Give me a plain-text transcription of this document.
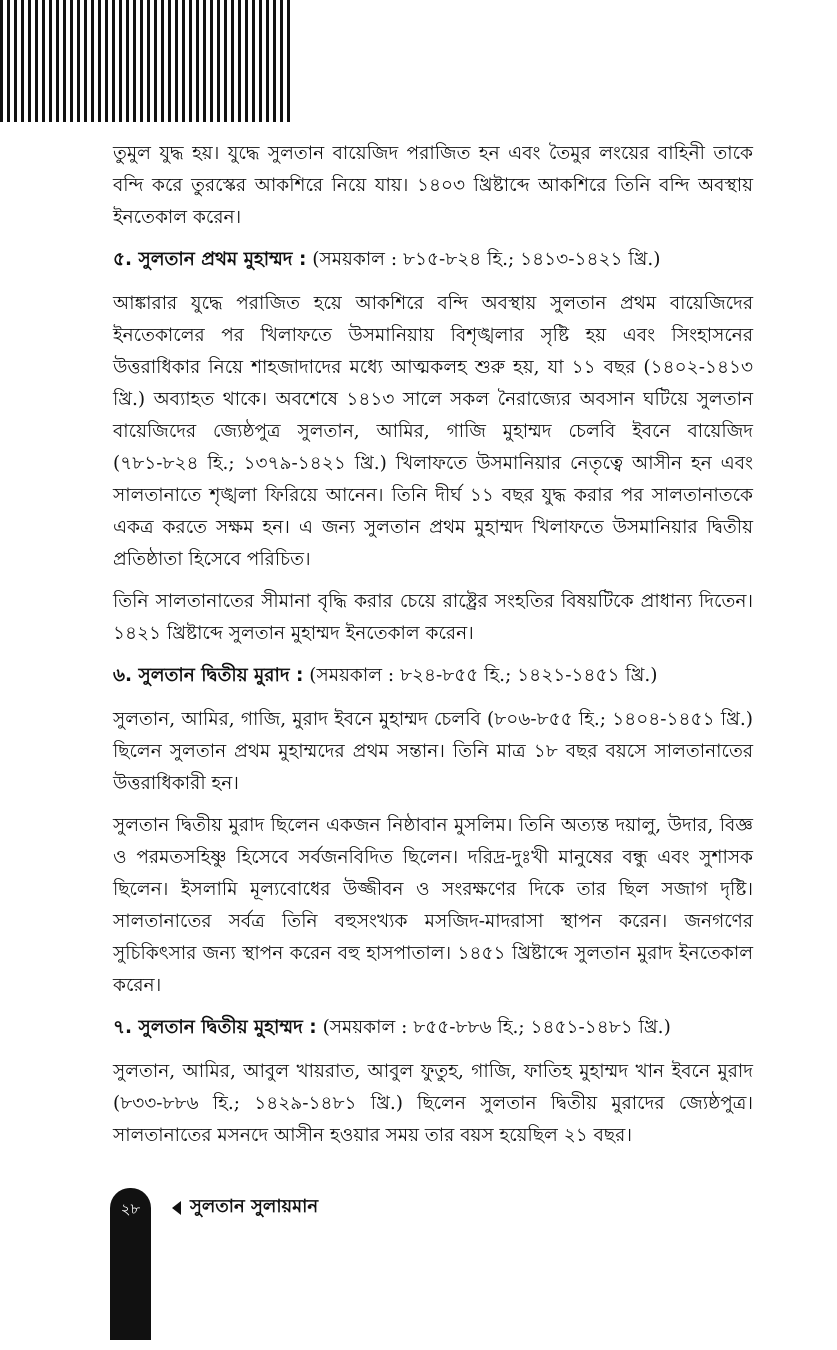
তুমুল যুদ্ধ হয়। যুদ্ধে সুলতান বায়েজিদ পরাজিত হন এবং তৈমুর লংয়ের বাহিনী তাকে বন্দি করে তুরস্কের আকশিরে নিয়ে যায়। ১৪০৩ খ্রিষ্টাব্দে আকশিরে তিনি বন্দি অবস্থায় ইনতেকাল করেন।

৫. সুলতান প্রথম মুহাম্মদ : (সময়কাল : ৮১৫-৮২৪ হি.; ১৪১৩-১৪২১ খ্রি.)

আঙ্কারার যুদ্ধে পরাজিত হয়ে আকশিরে বন্দি অবস্থায় সুলতান প্রথম বায়েজিদের ইনতেকালের পর খিলাফতে উসমানিয়ায় বিশৃঙ্খলার সৃষ্টি হয় এবং সিংহাসনের উত্তরাধিকার নিয়ে শাহজাদাদের মধ্যে আত্মকলহ শুরু হয়, যা ১১ বছর (১৪০২-১৪১৩ খ্রি.) অব্যাহত থাকে। অবশেষে ১৪১৩ সালে সকল নৈরাজ্যের অবসান ঘটিয়ে সুলতান বায়েজিদের জ্যেষ্ঠপুত্র সুলতান, আমির, গাজি মুহাম্মদ চেলবি ইবনে বায়েজিদ (৭৮১-৮২৪ হি.; ১৩৭৯-১৪২১ খ্রি.) খিলাফতে উসমানিয়ার নেতৃত্বে আসীন হন এবং সালতানাতে শৃঙ্খলা ফিরিয়ে আনেন। তিনি দীর্ঘ ১১ বছর যুদ্ধ করার পর সালতানাতকে একত্র করতে সক্ষম হন। এ জন্য সুলতান প্রথম মুহাম্মদ খিলাফতে উসমানিয়ার দ্বিতীয় প্রতিষ্ঠাতা হিসেবে পরিচিত।

তিনি সালতানাতের সীমানা বৃদ্ধি করার চেয়ে রাষ্ট্রের সংহতির বিষয়টিকে প্রাধান্য দিতেন। ১৪২১ খ্রিষ্টাব্দে সুলতান মুহাম্মদ ইনতেকাল করেন।

৬. সুলতান দ্বিতীয় মুরাদ : (সময়কাল : ৮২৪-৮৫৫ হি.; ১৪২১-১৪৫১ খ্রি.)

সুলতান, আমির, গাজি, মুরাদ ইবনে মুহাম্মদ চেলবি (৮০৬-৮৫৫ হি.; ১৪০৪-১৪৫১ খ্রি.) ছিলেন সুলতান প্রথম মুহাম্মদের প্রথম সন্তান। তিনি মাত্র ১৮ বছর বয়সে সালতানাতের উত্তরাধিকারী হন।

সুলতান দ্বিতীয় মুরাদ ছিলেন একজন নিষ্ঠাবান মুসলিম। তিনি অত্যন্ত দয়ালু, উদার, বিজ্ঞ ও পরমতসহিষ্ণু হিসেবে সর্বজনবিদিত ছিলেন। দরিদ্র-দুঃখী মানুষের বন্ধু এবং সুশাসক ছিলেন। ইসলামি মূল্যবোধের উজ্জীবন ও সংরক্ষণের দিকে তার ছিল সজাগ দৃষ্টি। সালতানাতের সর্বত্র তিনি বহুসংখ্যক মসজিদ-মাদরাসা স্থাপন করেন। জনগণের সুচিকিৎসার জন্য স্থাপন করেন বহু হাসপাতাল। ১৪৫১ খ্রিষ্টাব্দে সুলতান মুরাদ ইনতেকাল করেন।

৭. সুলতান দ্বিতীয় মুহাম্মদ : (সময়কাল : ৮৫৫-৮৮৬ হি.; ১৪৫১-১৪৮১ খ্রি.)

সুলতান, আমির, আবুল খায়রাত, আবুল ফুতুহ, গাজি, ফাতিহ মুহাম্মদ খান ইবনে মুরাদ (৮৩৩-৮৮৬ হি.; ১৪২৯-১৪৮১ খ্রি.) ছিলেন সুলতান দ্বিতীয় মুরাদের জ্যেষ্ঠপুত্র। সালতানাতের মসনদে আসীন হওয়ার সময় তার বয়স হয়েছিল ২১ বছর।

২৮	সুলতান সুলায়মান
